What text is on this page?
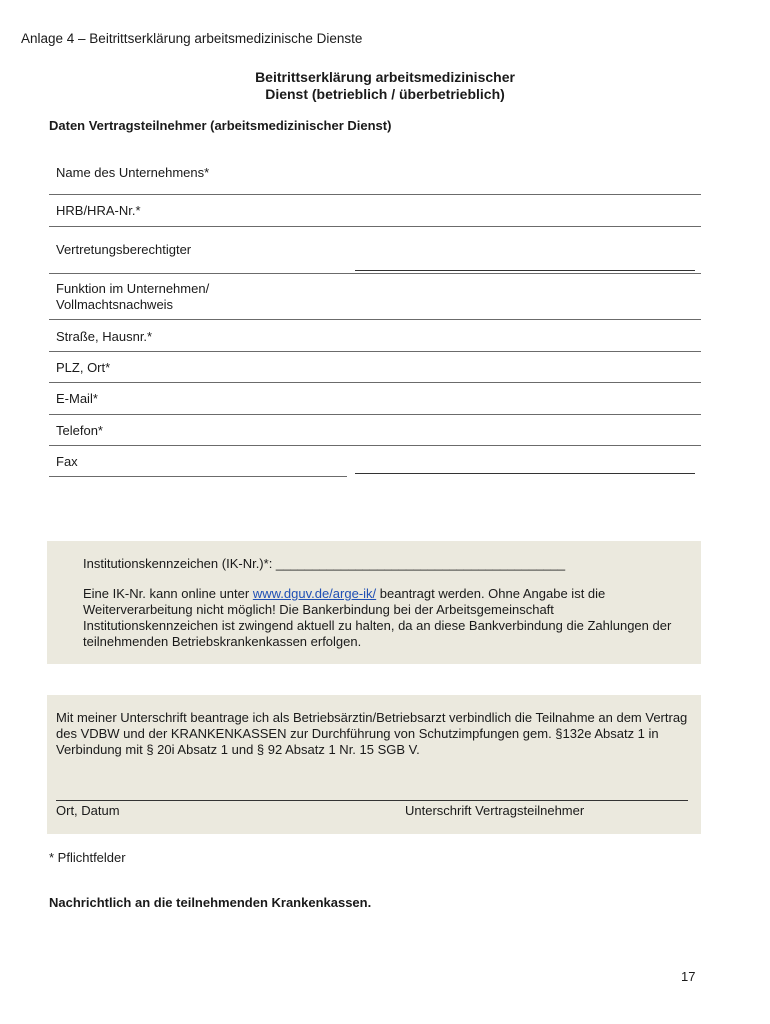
Anlage 4 – Beitrittserklärung arbeitsmedizinische Dienste
Beitrittserklärung arbeitsmedizinischer
Dienst (betrieblich / überbetrieblich)
Daten Vertragsteilnehmer (arbeitsmedizinischer Dienst)
Name des Unternehmens*
HRB/HRA-Nr.*
Vertretungsberechtigter
Funktion im Unternehmen/
Vollmachtsnachweis
Straße, Hausnr.*
PLZ, Ort*
E-Mail*
Telefon*
Fax
Institutionskennzeichen (IK-Nr.)*: ________________________________________
Eine IK-Nr. kann online unter www.dguv.de/arge-ik/ beantragt werden. Ohne Angabe ist die Weiterverarbeitung nicht möglich! Die Bankerbindung bei der Arbeitsgemeinschaft Institutionskennzeichen ist zwingend aktuell zu halten, da an diese Bankverbindung die Zahlungen der teilnehmenden Betriebskrankenkassen erfolgen.
Mit meiner Unterschrift beantrage ich als Betriebsärztin/Betriebsarzt verbindlich die Teilnahme an dem Vertrag des VDBW und der KRANKENKASSEN zur Durchführung von Schutzimpfungen gem. §132e Absatz 1 in Verbindung mit § 20i Absatz 1 und § 92 Absatz 1 Nr. 15 SGB V.
Ort, Datum	Unterschrift Vertragsteilnehmer
* Pflichtfelder
Nachrichtlich an die teilnehmenden Krankenkassen.
17
